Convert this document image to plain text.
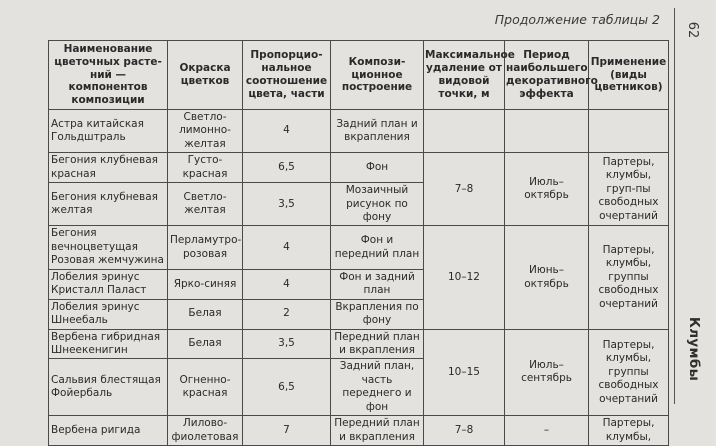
Продолжение таблицы 2
62
Клумбы
Наименование цветочных расте-ний — компонентов композиции	Окраска цветков	Пропорцио-нальное соотношение цвета, части	Компози-ционное построение	Максимальное удаление от видовой точки, м	Период наибольшего декоративного эффекта	Применение (виды цветников)
Астра китайская Гольдштраль	Светло-лимонно-желтая	4	Задний план и вкрапления			
Бегония клубневая красная	Густо-красная	6,5	Фон	7–8	Июль–октябрь	Партеры, клумбы, груп-пы свободных очертаний
Бегония клубневая желтая	Светло-желтая	3,5	Мозаичный рисунок по фону			
Бегония вечноцветущая Розовая жемчужина	Перламутро-розовая	4	Фон и передний план	10–12	Июнь–октябрь	Партеры, клумбы, группы свободных очертаний
Лобелия эринус Кристалл Паласт	Ярко-синяя	4	Фон и задний план			
Лобелия эринус Шнеебаль	Белая	2	Вкрапления по фону			
Вербена гибридная Шнеекенигин	Белая	3,5	Передний план и вкрапления	10–15	Июль–сентябрь	Партеры, клумбы, группы свободных очертаний
Сальвия блестящая Фойербаль	Огненно-красная	6,5	Задний план, часть переднего и фон			
Вербена ригида	Лилово-фиолетовая	7	Передний план и вкрапления	7–8	–	Партеры, клумбы,
